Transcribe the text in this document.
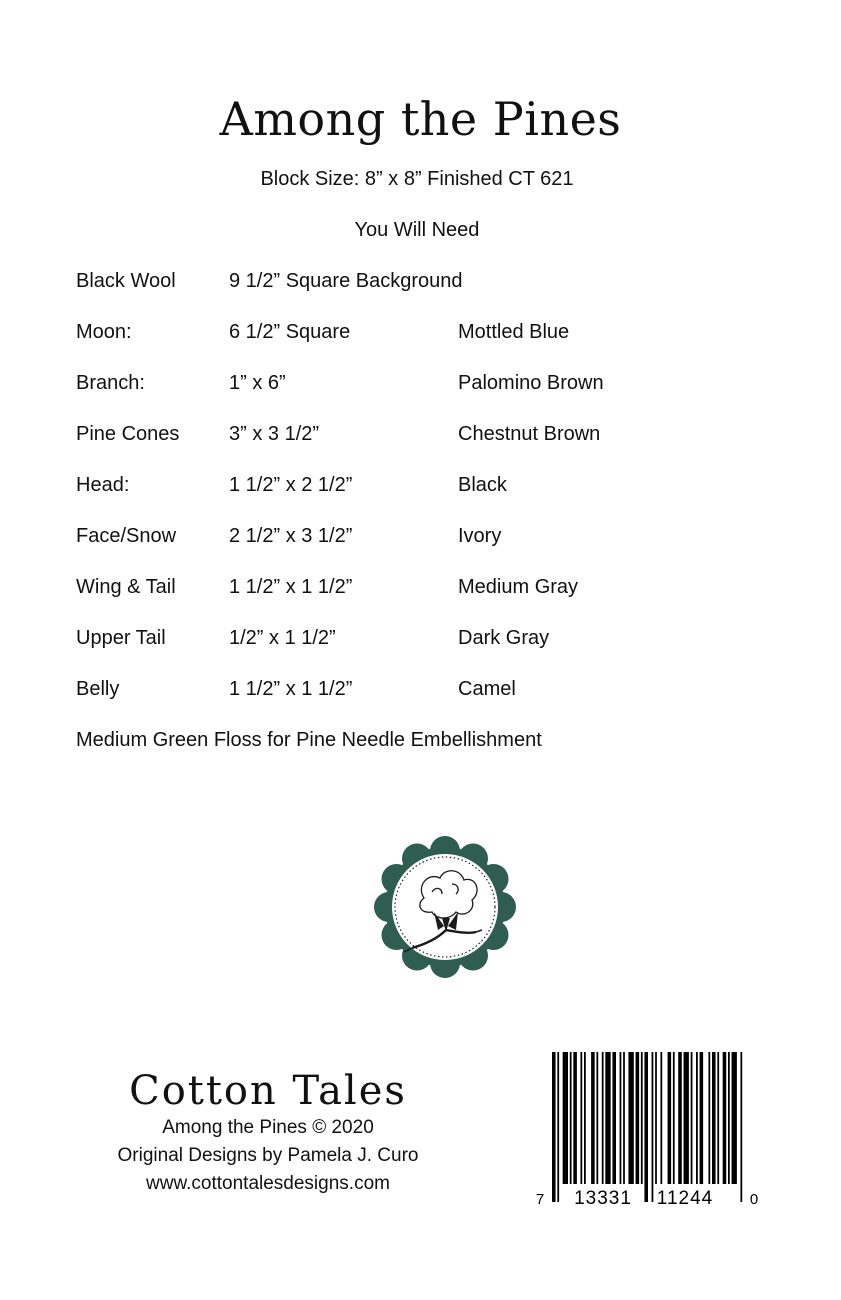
Among the Pines
Block Size: 8” x 8” Finished CT 621
You Will Need
Black Wool	9 1/2” Square Background
Moon:	6 1/2” Square	Mottled Blue
Branch:	1” x 6”	Palomino Brown
Pine Cones 3” x 3 1/2”	Chestnut Brown
Head:	1 1/2” x 2 1/2”	Black
Face/Snow	2 1/2” x 3 1/2”	Ivory
Wing & Tail	1 1/2” x 1 1/2”	Medium Gray
Upper Tail	1/2” x 1 1/2”	Dark Gray
Belly	1 1/2” x 1 1/2”	Camel
Medium Green Floss for Pine Needle Embellishment
Cotton Tales
Among the Pines © 2020
Original Designs by Pamela J. Curo
www.cottontalesdesigns.com
7 13331 11244 0
